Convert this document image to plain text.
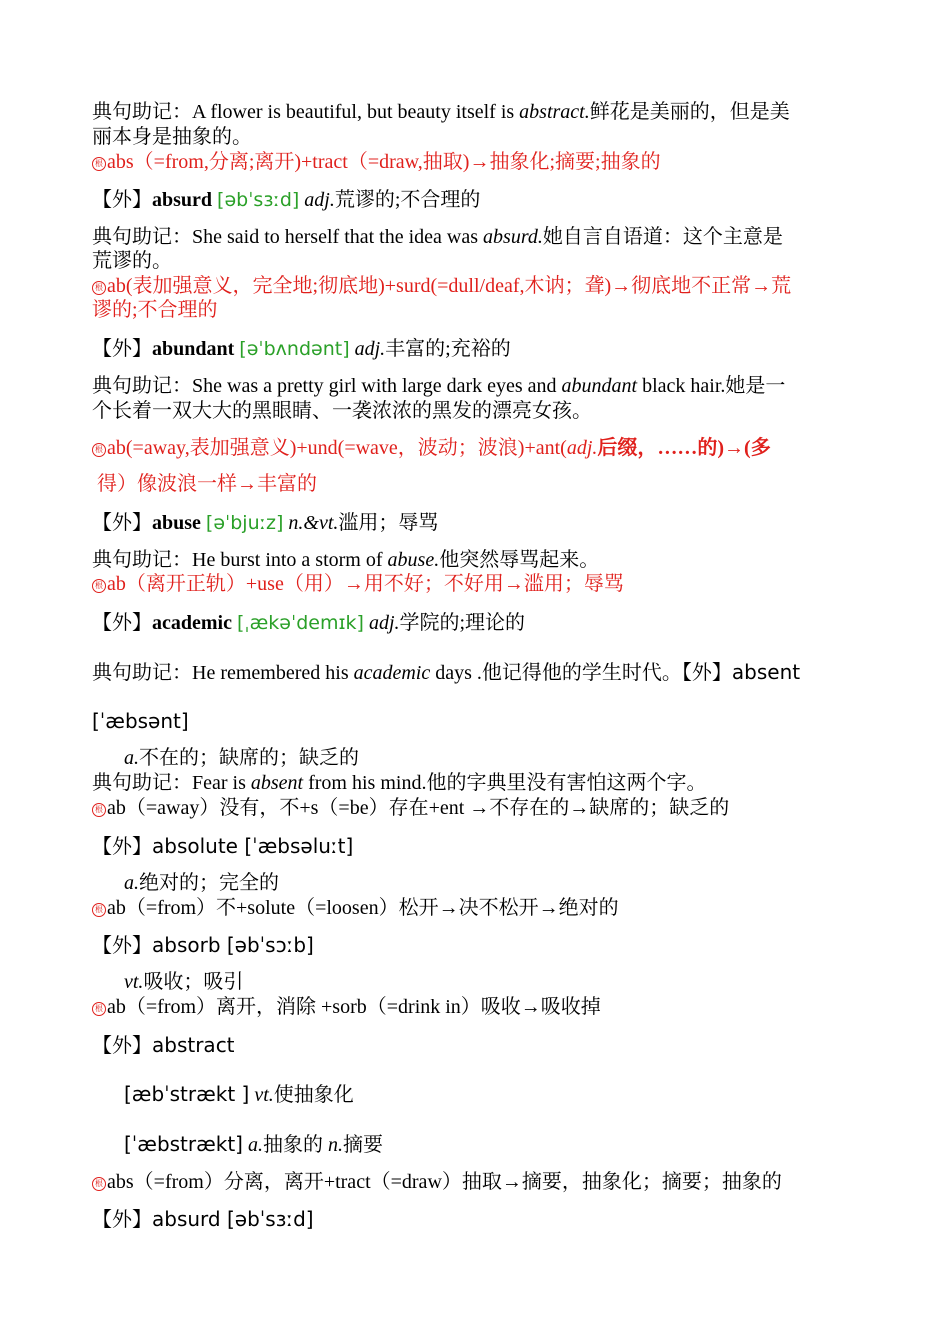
典句助记：A flower is beautiful, but beauty itself is abstract.鲜花是美丽的，但是美
丽本身是抽象的。
根 abs（=from,分离;离开)+tract（=draw,抽取)→抽象化;摘要;抽象的
【外】absurd [əbˈsɜːd] adj.荒谬的;不合理的
典句助记：She said to herself that the idea was absurd.她自言自语道：这个主意是
荒谬的。
根 ab(表加强意义，完全地;彻底地)+surd(=dull/deaf,木讷；聋)→彻底地不正常→荒
谬的;不合理的
【外】abundant [əˈbʌndənt] adj.丰富的;充裕的
典句助记：She was a pretty girl with large dark eyes and abundant black hair.她是一
个长着一双大大的黑眼睛、一袭浓浓的黑发的漂亮女孩。
根 ab(=away,表加强意义)+und(=wave，波动；波浪)+ant(adj.后缀，……的)→(多
得）像波浪一样→丰富的
【外】abuse [əˈbjuːz] n.&vt.滥用；辱骂
典句助记：He burst into a storm of abuse.他突然辱骂起来。
根 ab（离开正轨）+use（用）→用不好；不好用→滥用；辱骂
【外】academic [ˌækəˈdemɪk] adj.学院的;理论的
典句助记：He remembered his academic days .他记得他的学生时代。【外】absent
[ˈæbsənt]
a.不在的；缺席的；缺乏的
典句助记：Fear is absent from his mind.他的字典里没有害怕这两个字。
根 ab（=away）没有，不+s（=be）存在+ent →不存在的→缺席的；缺乏的
【外】absolute [ˈæbsəluːt]
a.绝对的；完全的
根 ab（=from）不+solute（=loosen）松开→决不松开→绝对的
【外】absorb [əbˈsɔːb]
vt.吸收；吸引
根 ab（=from）离开，消除 +sorb（=drink in）吸收→吸收掉
【外】abstract
[æbˈstrækt ] vt.使抽象化
[ˈæbstrækt] a.抽象的 n.摘要
根 abs（=from）分离，离开+tract（=draw）抽取→摘要，抽象化；摘要；抽象的
【外】absurd [əbˈsɜːd]
